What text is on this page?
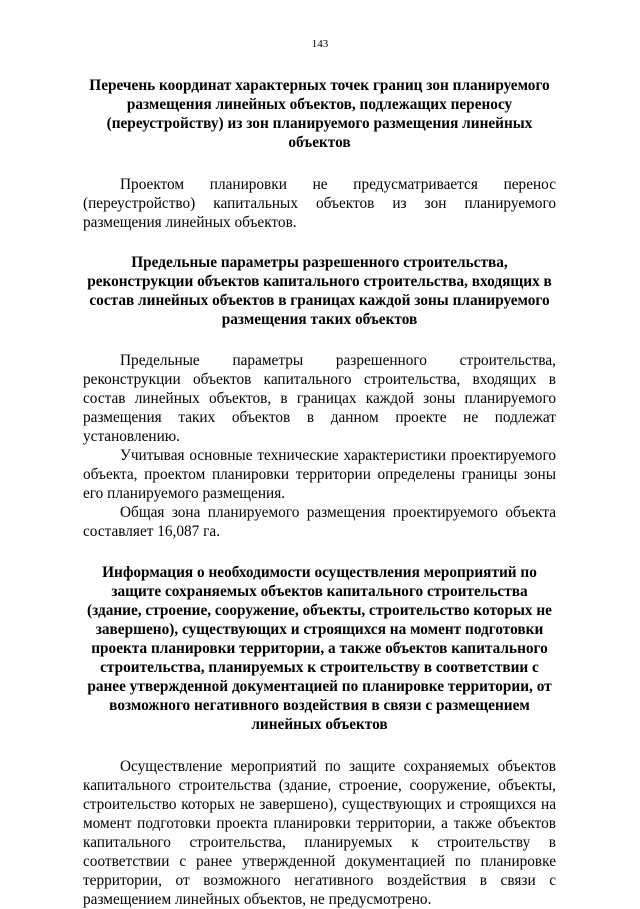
143
Перечень координат характерных точек границ зон планируемого размещения линейных объектов, подлежащих переносу (переустройству) из зон планируемого размещения линейных объектов

Проектом планировки не предусматривается перенос (переустройство) капитальных объектов из зон планируемого размещения линейных объектов.

Предельные параметры разрешенного строительства, реконструкции объектов капитального строительства, входящих в состав линейных объектов в границах каждой зоны планируемого размещения таких объектов

Предельные параметры разрешенного строительства, реконструкции объектов капитального строительства, входящих в состав линейных объектов, в границах каждой зоны планируемого размещения таких объектов в данном проекте не подлежат установлению.

Учитывая основные технические характеристики проектируемого объекта, проектом планировки территории определены границы зоны его планируемого размещения.

Общая зона планируемого размещения проектируемого объекта составляет 16,087 га.

Информация о необходимости осуществления мероприятий по защите сохраняемых объектов капитального строительства (здание, строение, сооружение, объекты, строительство которых не завершено), существующих и строящихся на момент подготовки проекта планировки территории, а также объектов капитального строительства, планируемых к строительству в соответствии с ранее утвержденной документацией по планировке территории, от возможного негативного воздействия в связи с размещением линейных объектов

Осуществление мероприятий по защите сохраняемых объектов капитального строительства (здание, строение, сооружение, объекты, строительство которых не завершено), существующих и строящихся на момент подготовки проекта планировки территории, а также объектов капитального строительства, планируемых к строительству в соответствии с ранее утвержденной документацией по планировке территории, от возможного негативного воздействия в связи с размещением линейных объектов, не предусмотрено.
